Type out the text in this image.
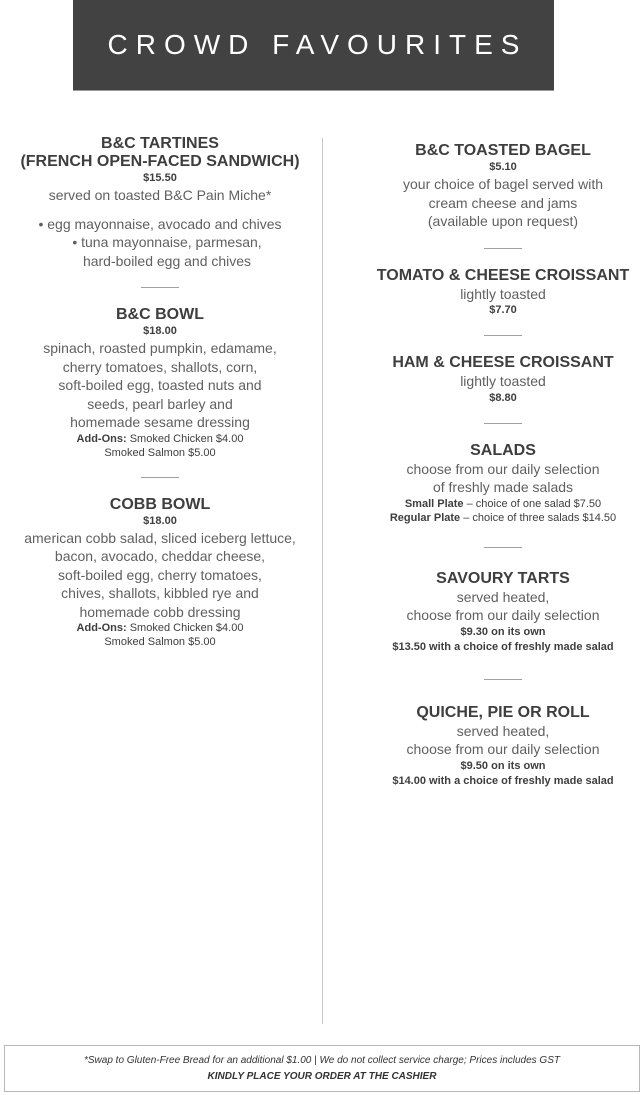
CROWD FAVOURITES
B&C TARTINES
(FRENCH OPEN-FACED SANDWICH)
$15.50
served on toasted B&C Pain Miche*
• egg mayonnaise, avocado and chives
• tuna mayonnaise, parmesan,
hard-boiled egg and chives
B&C BOWL
$18.00
spinach, roasted pumpkin, edamame,
cherry tomatoes, shallots, corn,
soft-boiled egg, toasted nuts and
seeds, pearl barley and
homemade sesame dressing
Add-Ons: Smoked Chicken $4.00
Smoked Salmon $5.00
COBB BOWL
$18.00
american cobb salad, sliced iceberg lettuce,
bacon, avocado, cheddar cheese,
soft-boiled egg, cherry tomatoes,
chives, shallots, kibbled rye and
homemade cobb dressing
Add-Ons: Smoked Chicken $4.00
Smoked Salmon $5.00
B&C TOASTED BAGEL
$5.10
your choice of bagel served with
cream cheese and jams
(available upon request)
TOMATO & CHEESE CROISSANT
lightly toasted
$7.70
HAM & CHEESE CROISSANT
lightly toasted
$8.80
SALADS
choose from our daily selection
of freshly made salads
Small Plate – choice of one salad $7.50
Regular Plate – choice of three salads $14.50
SAVOURY TARTS
served heated,
choose from our daily selection
$9.30 on its own
$13.50 with a choice of freshly made salad
QUICHE, PIE OR ROLL
served heated,
choose from our daily selection
$9.50 on its own
$14.00 with a choice of freshly made salad
*Swap to Gluten-Free Bread for an additional $1.00 | We do not collect service charge; Prices includes GST
KINDLY PLACE YOUR ORDER AT THE CASHIER
